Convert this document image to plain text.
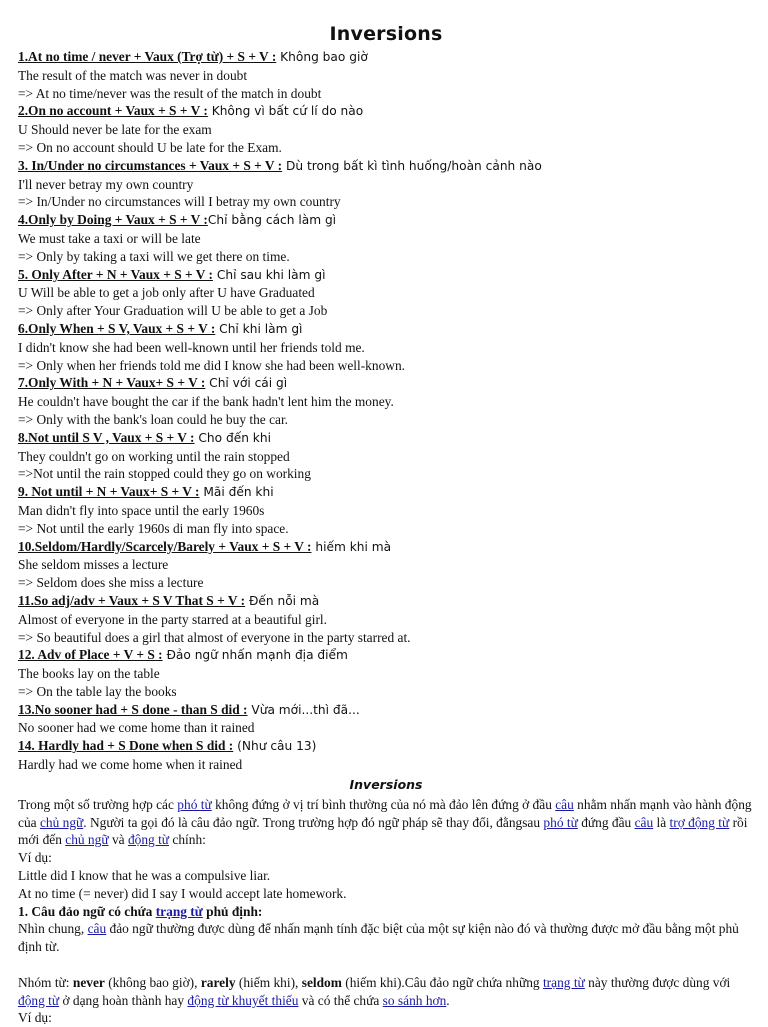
Inversions
1.At no time / never + Vaux (Trợ từ) + S + V : Không bao giờ
The result of the match was never in doubt
=> At no time/never was the result of the match in doubt
2.On no account + Vaux + S + V : Không vì bất cứ lí do nào
U Should never be late for the exam
=> On no account should U be late for the Exam.
3. In/Under no circumstances + Vaux + S + V : Dù trong bất kì tình huống/hoàn cảnh nào
I'll never betray my own country
=> In/Under no circumstances will I betray my own country
4.Only by Doing + Vaux + S + V :Chỉ bằng cách làm gì
We must take a taxi or will be late
=> Only by taking a taxi will we get there on time.
5. Only After + N + Vaux + S + V : Chỉ sau khi làm gì
U Will be able to get a job only after U have Graduated
=> Only after Your Graduation will U be able to get a Job
6.Only When + S V, Vaux + S + V : Chỉ khi làm gì
I didn't know she had been well-known until her friends told me.
=> Only when her friends told me did I know she had been well-known.
7.Only With + N + Vaux+ S + V : Chỉ với cái gì
He couldn't have bought the car if the bank hadn't lent him the money.
=> Only with the bank's loan could he buy the car.
8.Not until S V , Vaux + S + V : Cho đến khi
They couldn't go on working until the rain stopped
=>Not until the rain stopped could they go on working
9. Not until + N + Vaux+ S + V : Mãi đến khi
Man didn't fly into space until the early 1960s
=> Not until the early 1960s di man fly into space.
10.Seldom/Hardly/Scarcely/Barely + Vaux + S + V : hiếm khi mà
She seldom misses a lecture
=> Seldom does she miss a lecture
11.So adj/adv + Vaux + S V That S + V : Đến nỗi mà
Almost of everyone in the party starred at a beautiful girl.
=> So beautiful does a girl that almost of everyone in the party starred at.
12. Adv of Place + V + S : Đảo ngữ nhấn mạnh địa điểm
The books lay on the table
=> On the table lay the books
13.No sooner had + S done - than S did : Vừa mới...thì đã...
No sooner had we come home than it rained
14. Hardly had + S Done when S did : (Như câu 13)
Hardly had we come home when it rained
Inversions

Trong một số trường hợp các phó từ không đứng ở vị trí bình thường của nó mà đảo lên đứng ở đầu câu nhằm nhấn mạnh vào hành động của chủ ngữ. Người ta gọi đó là câu đảo ngữ. Trong trường hợp đó ngữ pháp sẽ thay đổi, đằngsau phó từ đứng đầu câu là trợ động từ rồi mới đến chủ ngữ và động từ chính:

Ví dụ:
Little did I know that he was a compulsive liar.
At no time (= never) did I say I would accept late homework.
1. Câu đảo ngữ có chứa trạng từ phủ định:

Nhìn chung, câu đảo ngữ thường được dùng để nhấn mạnh tính đặc biệt của một sự kiện nào đó và thường được mở đầu bằng một phủ định từ.

Nhóm từ: never (không bao giờ), rarely (hiếm khi), seldom (hiếm khi).Câu đảo ngữ chứa những trạng từ này thường được dùng với động từ ở dạng hoàn thành hay động từ khuyết thiếu và có thể chứa so sánh hơn.

Ví dụ:
